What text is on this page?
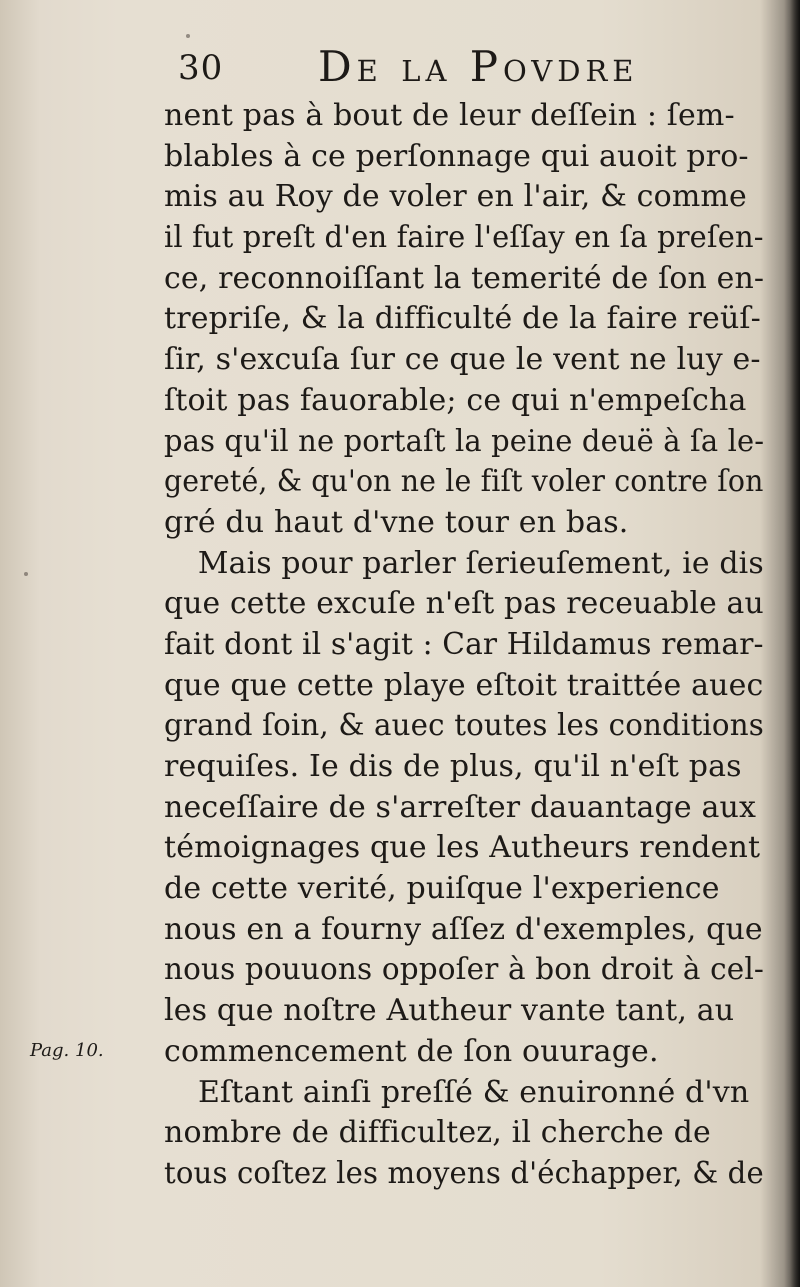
30 De la Povdre
Pag. 10.
nent pas à bout de leur deſſein : ſem-
blables à ce perſonnage qui auoit pro-
mis au Roy de voler en l'air, & comme
il fut preſt d'en faire l'eſſay en ſa preſen-
ce, reconnoiſſant la temerité de ſon en-
trepriſe, & la difficulté de la faire reüſ-
ſir, s'excuſa ſur ce que le vent ne luy e-
ſtoit pas fauorable; ce qui n'empeſcha
pas qu'il ne portaſt la peine deuë à ſa le-
gereté, & qu'on ne le fiſt voler contre ſon
gré du haut d'vne tour en bas.
Mais pour parler ſerieuſement, ie dis
que cette excuſe n'eſt pas receuable au
fait dont il s'agit : Car Hildamus remar-
que que cette playe eſtoit traittée auec
grand ſoin, & auec toutes les conditions
requiſes. Ie dis de plus, qu'il n'eſt pas
neceſſaire de s'arreſter dauantage aux
témoignages que les Autheurs rendent
de cette verité, puiſque l'experience
nous en a fourny aſſez d'exemples, que
nous pouuons oppoſer à bon droit à cel-
les que noſtre Autheur vante tant, au
commencement de ſon ouurage.
Eſtant ainſi preſſé & enuironné d'vn
nombre de difficultez, il cherche de
tous coſtez les moyens d'échapper, & de
